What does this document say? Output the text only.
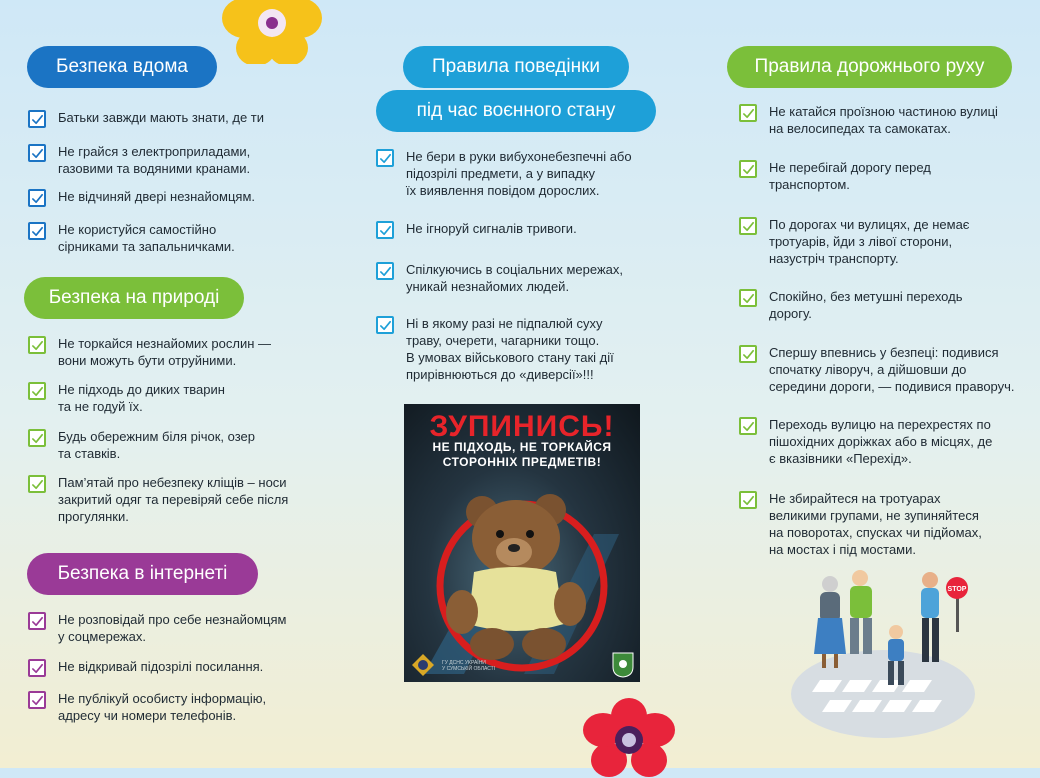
Безпека вдома
Батьки завжди мають знати, де ти
Не грайся з електроприладами,
газовими та водяними кранами.
Не відчиняй двері незнайомцям.
Не користуйся самостійно
сірниками та запальничками.
Безпека на природі
Не торкайся незнайомих рослин —
вони можуть бути отруйними.
Не підходь до диких тварин
та не годуй їх.
Будь обережним біля річок, озер
та ставків.
Пам’ятай про небезпеку кліщів – носи
закритий одяг та перевіряй себе після
прогулянки.
Безпека в інтернеті
Не розповідай про себе незнайомцям
у соцмережах.
Не відкривай підозрілі посилання.
Не публікуй особисту інформацію,
адресу чи номери телефонів.
Правила поведінки
під час воєнного стану
Не бери в руки вибухонебезпечні або
підозрілі предмети, а у випадку
їх виявлення повідом дорослих.
Не ігноруй сигналів тривоги.
Спілкуючись в соціальних мережах,
уникай незнайомих людей.
Ні в якому разі не підпалюй суху
траву, очерети, чагарники тощо.
В умовах військового стану такі дії
прирівнюються до «диверсії»!!!
ЗУПИНИСЬ!
НЕ ПІДХОДЬ, НЕ ТОРКАЙСЯ
СТОРОННІХ ПРЕДМЕТІВ!
ГУ ДСНС УКРАЇНИ
У СУМСЬКІЙ ОБЛАСТІ
Правила дорожнього руху
Не катайся проїзною частиною вулиці
на велосипедах та самокатах.
Не перебігай дорогу перед
транспортом.
По дорогах чи вулицях, де немає
тротуарів, йди з лівої сторони,
назустріч транспорту.
Спокійно, без метушні переходь
дорогу.
Спершу впевнись у безпеці: подивися
спочатку ліворуч, а дійшовши до
середини дороги, — подивися праворуч.
Переходь вулицю на перехрестях по
пішохідних доріжках або в місцях, де
є вказівники «Перехід».
Не збирайтеся на тротуарах
великими групами, не зупиняйтеся
на поворотах, спусках чи підйомах,
на мостах і під мостами.
STOP
